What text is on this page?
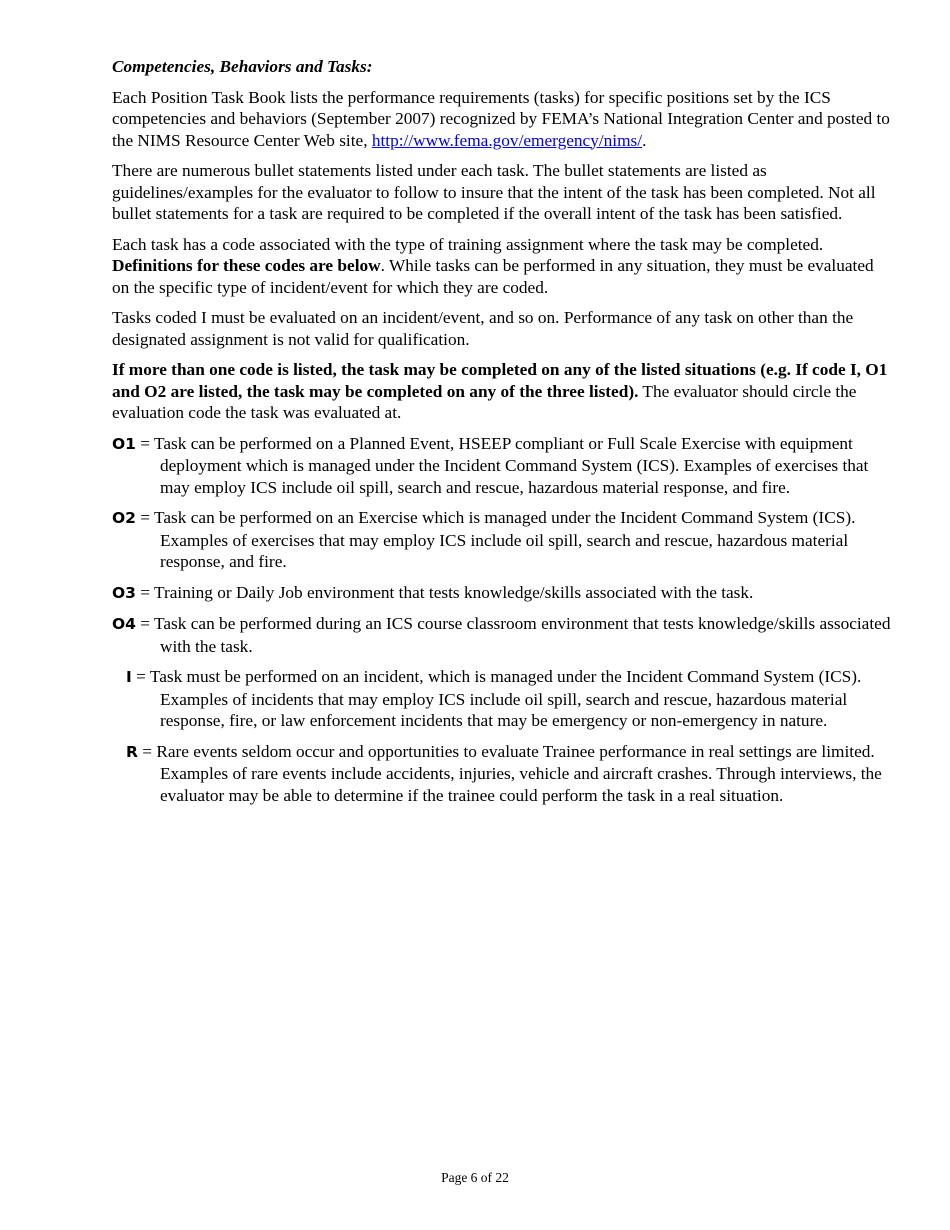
Competencies, Behaviors and Tasks:

Each Position Task Book lists the performance requirements (tasks) for specific positions set by the ICS competencies and behaviors (September 2007) recognized by FEMA’s National Integration Center and posted to the NIMS Resource Center Web site, http://www.fema.gov/emergency/nims/.

There are numerous bullet statements listed under each task. The bullet statements are listed as guidelines/examples for the evaluator to follow to insure that the intent of the task has been completed. Not all bullet statements for a task are required to be completed if the overall intent of the task has been satisfied.

Each task has a code associated with the type of training assignment where the task may be completed. Definitions for these codes are below. While tasks can be performed in any situation, they must be evaluated on the specific type of incident/event for which they are coded.

Tasks coded I must be evaluated on an incident/event, and so on. Performance of any task on other than the designated assignment is not valid for qualification.

If more than one code is listed, the task may be completed on any of the listed situations (e.g. If code I, O1 and O2 are listed, the task may be completed on any of the three listed). The evaluator should circle the evaluation code the task was evaluated at.

O1 = Task can be performed on a Planned Event, HSEEP compliant or Full Scale Exercise with equipment deployment which is managed under the Incident Command System (ICS). Examples of exercises that may employ ICS include oil spill, search and rescue, hazardous material response, and fire.
O2 = Task can be performed on an Exercise which is managed under the Incident Command System (ICS). Examples of exercises that may employ ICS include oil spill, search and rescue, hazardous material response, and fire.
O3 = Training or Daily Job environment that tests knowledge/skills associated with the task.
O4 = Task can be performed during an ICS course classroom environment that tests knowledge/skills associated with the task.
I = Task must be performed on an incident, which is managed under the Incident Command System (ICS). Examples of incidents that may employ ICS include oil spill, search and rescue, hazardous material response, fire, or law enforcement incidents that may be emergency or non-emergency in nature.
R = Rare events seldom occur and opportunities to evaluate Trainee performance in real settings are limited. Examples of rare events include accidents, injuries, vehicle and aircraft crashes. Through interviews, the evaluator may be able to determine if the trainee could perform the task in a real situation.
Page 6 of 22
